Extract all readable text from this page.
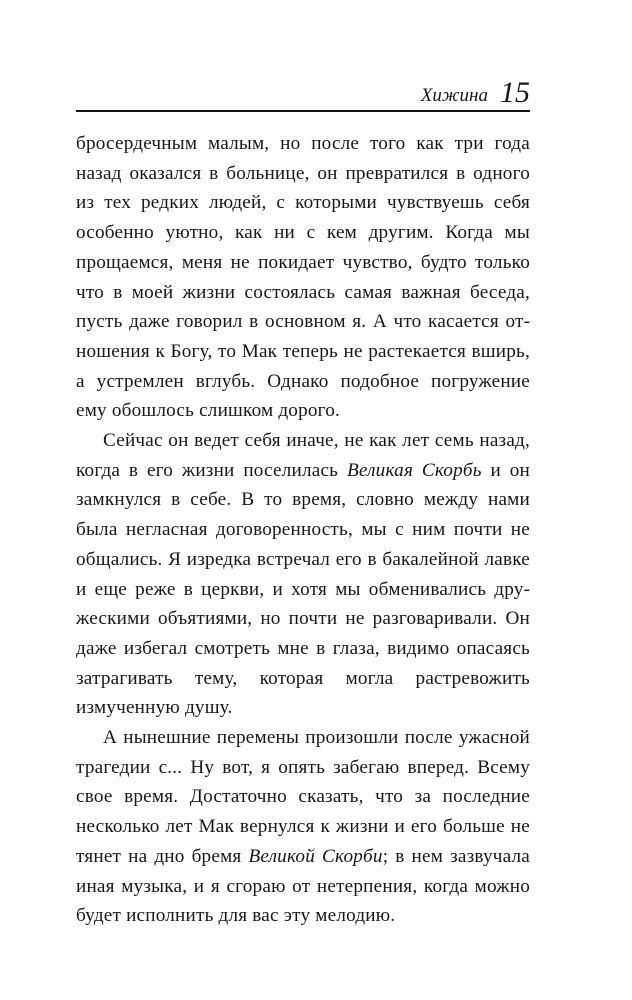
Хижина 15

бросердечным малым, но после того как три года назад оказался в больнице, он превратился в одного из тех редких людей, с которыми чувствуешь себя особенно уютно, как ни с кем другим. Когда мы прощаемся, меня не покидает чувство, будто только что в моей жизни состоялась самая важная беседа, пусть даже говорил в основном я. А что касается отношения к Богу, то Мак теперь не растекается вширь, а устремлен вглубь. Однако подобное погружение ему обошлось слишком дорого.

Сейчас он ведет себя иначе, не как лет семь назад, когда в его жизни поселилась Великая Скорбь и он замкнулся в себе. В то время, словно между нами была негласная договоренность, мы с ним почти не общались. Я изредка встречал его в бакалейной лавке и еще реже в церкви, и хотя мы обменивались дружескими объятиями, но почти не разговаривали. Он даже избегал смотреть мне в глаза, видимо опасаясь затрагивать тему, которая могла растревожить измученную душу.

А нынешние перемены произошли после ужасной трагедии с... Ну вот, я опять забегаю вперед. Всему свое время. Достаточно сказать, что за последние несколько лет Мак вернулся к жизни и его больше не тянет на дно бремя Великой Скорби; в нем зазвучала иная музыка, и я сгораю от нетерпения, когда можно будет исполнить для вас эту мелодию.
